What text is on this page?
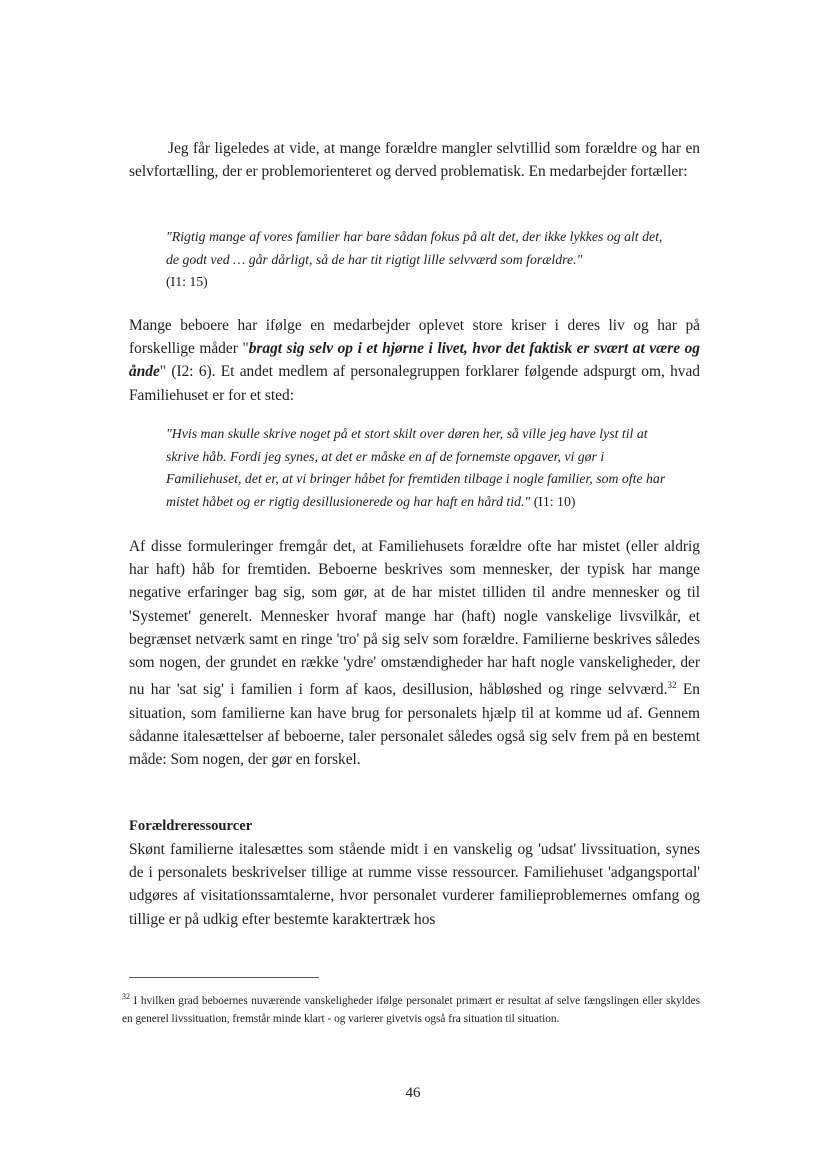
Jeg får ligeledes at vide, at mange forældre mangler selvtillid som forældre og har en selvfortælling, der er problemorienteret og derved problematisk. En medarbejder fortæller:

"Rigtig mange af vores familier har bare sådan fokus på alt det, der ikke lykkes og alt det, de godt ved … går dårligt, så de har tit rigtigt lille selvværd som forældre."
(I1: 15)

Mange beboere har ifølge en medarbejder oplevet store kriser i deres liv og har på forskellige måder "bragt sig selv op i et hjørne i livet, hvor det faktisk er svært at være og ånde" (I2: 6). Et andet medlem af personalegruppen forklarer følgende adspurgt om, hvad Familiehuset er for et sted:

"Hvis man skulle skrive noget på et stort skilt over døren her, så ville jeg have lyst til at skrive håb. Fordi jeg synes, at det er måske en af de fornemste opgaver, vi gør i Familiehuset, det er, at vi bringer håbet for fremtiden tilbage i nogle familier, som ofte har mistet håbet og er rigtig desillusionerede og har haft en hård tid." (I1: 10)

Af disse formuleringer fremgår det, at Familiehusets forældre ofte har mistet (eller aldrig har haft) håb for fremtiden. Beboerne beskrives som mennesker, der typisk har mange negative erfaringer bag sig, som gør, at de har mistet tilliden til andre mennesker og til 'Systemet' generelt. Mennesker hvoraf mange har (haft) nogle vanskelige livsvilkår, et begrænset netværk samt en ringe 'tro' på sig selv som forældre. Familierne beskrives således som nogen, der grundet en række 'ydre' omstændigheder har haft nogle vanskeligheder, der nu har 'sat sig' i familien i form af kaos, desillusion, håbløshed og ringe selvværd.$^{32}$ En situation, som familierne kan have brug for personalets hjælp til at komme ud af. Gennem sådanne italesættelser af beboerne, taler personalet således også sig selv frem på en bestemt måde: Som nogen, der gør en forskel.

Forældreressourcer

Skønt familierne italesættes som stående midt i en vanskelig og 'udsat' livssituation, synes de i personalets beskrivelser tillige at rumme visse ressourcer. Familiehuset 'adgangsportal' udgøres af visitationssamtalerne, hvor personalet vurderer familieproblemernes omfang og tillige er på udkig efter bestemte karaktertræk hos

$^{32}$ I hvilken grad beboernes nuværende vanskeligheder ifølge personalet primært er resultat af selve fængslingen eller skyldes en generel livssituation, fremstår minde klart - og varierer givetvis også fra situation til situation.

46
